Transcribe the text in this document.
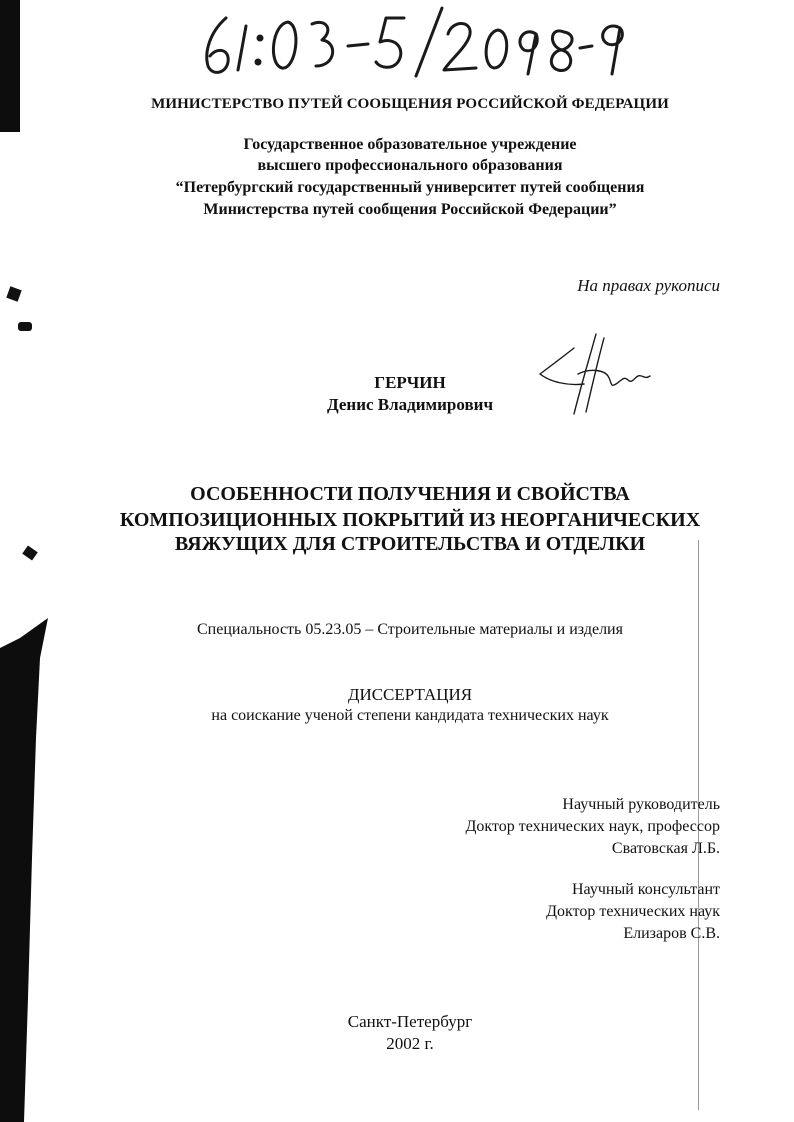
МИНИСТЕРСТВО ПУТЕЙ СООБЩЕНИЯ РОССИЙСКОЙ ФЕДЕРАЦИИ
Государственное образовательное учреждение
высшего профессионального образования
“Петербургский государственный университет путей сообщения
Министерства путей сообщения Российской Федерации”
На правах рукописи
ГЕРЧИН
Денис Владимирович
ОСОБЕННОСТИ ПОЛУЧЕНИЯ И СВОЙСТВА
КОМПОЗИЦИОННЫХ ПОКРЫТИЙ ИЗ НЕОРГАНИЧЕСКИХ
ВЯЖУЩИХ ДЛЯ СТРОИТЕЛЬСТВА И ОТДЕЛКИ
Специальность 05.23.05 – Строительные материалы и изделия
ДИССЕРТАЦИЯ
на соискание ученой степени кандидата технических наук
Научный руководитель
Доктор технических наук, профессор
Сватовская Л.Б.
Научный консультант
Доктор технических наук
Елизаров С.В.
Санкт-Петербург
2002 г.
